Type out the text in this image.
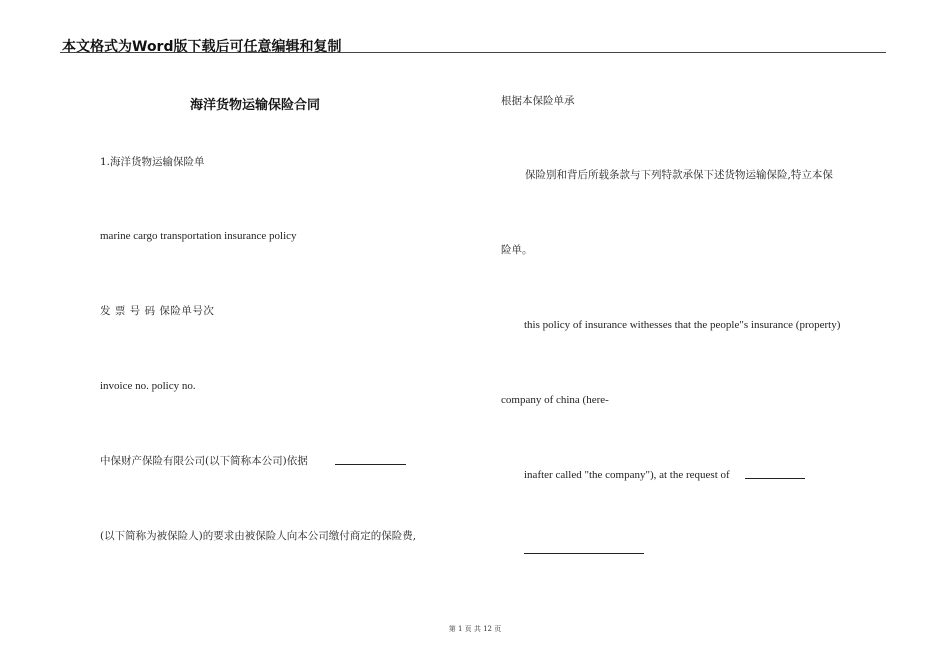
本文格式为Word版下载后可任意编辑和复制
海洋货物运输保险合同
1.海洋货物运输保险单
marine cargo transportation insurance policy
发 票 号 码 保险单号次
invoice no. policy no.
中保财产保险有限公司(以下简称本公司)依据
(以下简称为被保险人)的要求由被保险人向本公司缴付商定的保险费,
根据本保险单承
保险别和背后所载条款与下列特款承保下述货物运输保险,特立本保
险单。
this policy of insurance withesses that the people"s insurance (property)
company of china (here-
inafter called "the company"), at the request of
第 1 页 共 12 页
